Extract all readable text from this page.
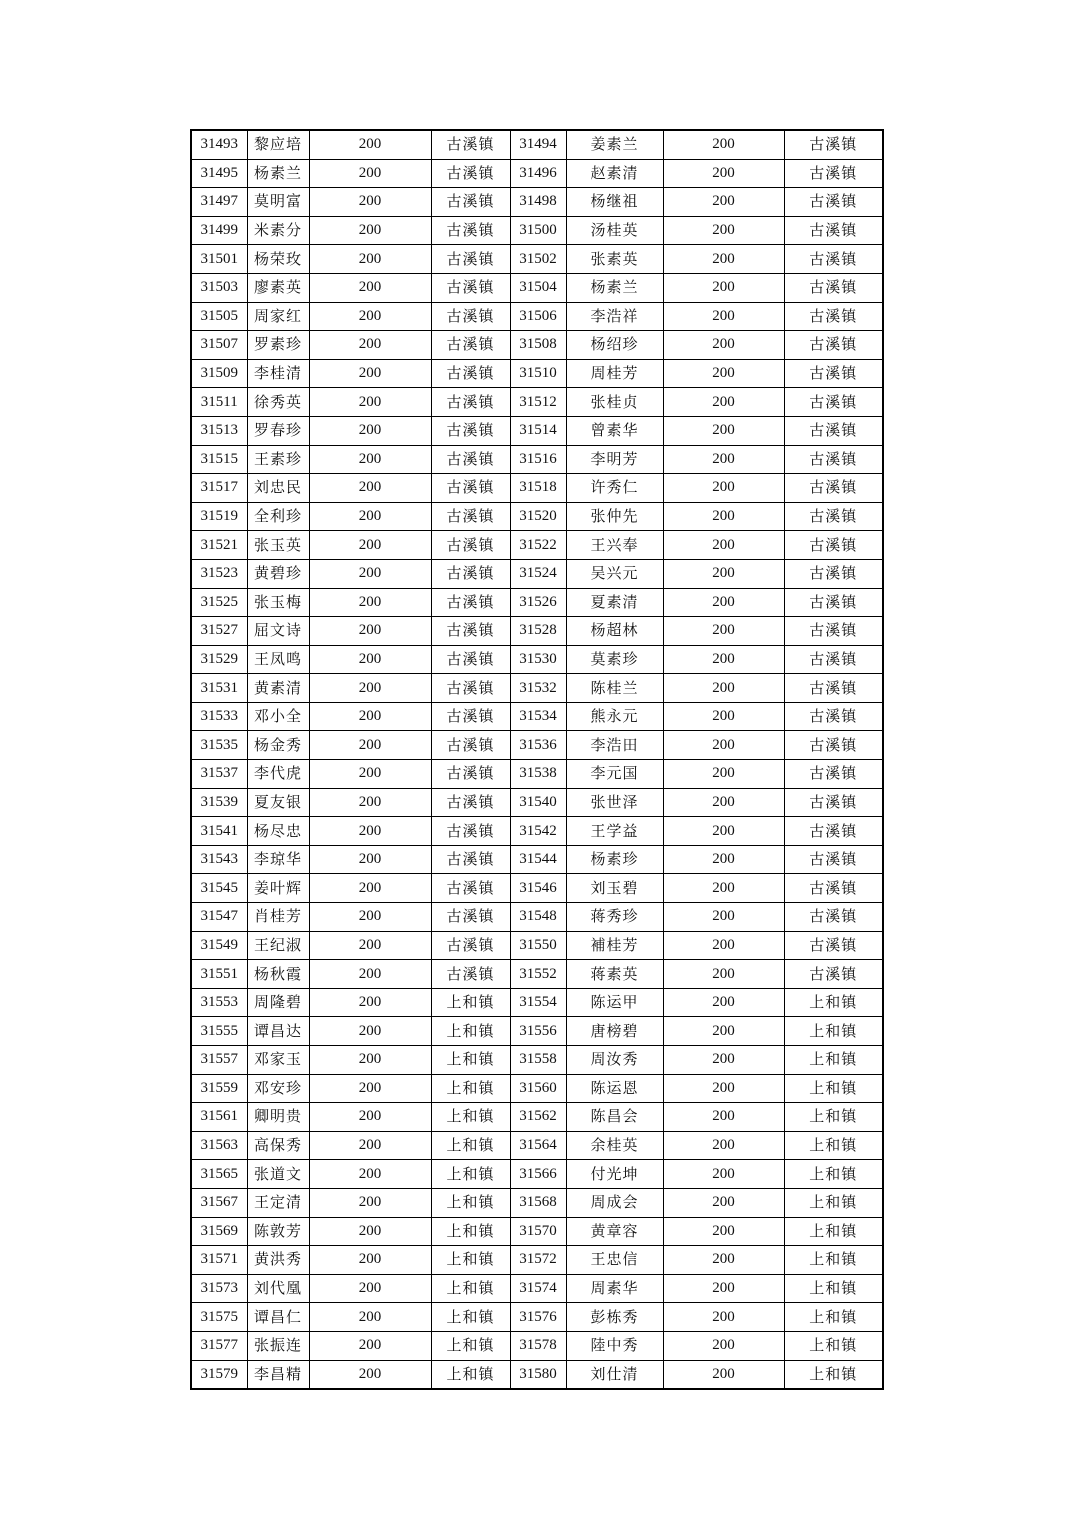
31493	黎应培	200	古溪镇	31494	姜素兰	200	古溪镇
31495	杨素兰	200	古溪镇	31496	赵素清	200	古溪镇
31497	莫明富	200	古溪镇	31498	杨继祖	200	古溪镇
31499	米素分	200	古溪镇	31500	汤桂英	200	古溪镇
31501	杨荣玫	200	古溪镇	31502	张素英	200	古溪镇
31503	廖素英	200	古溪镇	31504	杨素兰	200	古溪镇
31505	周家红	200	古溪镇	31506	李浩祥	200	古溪镇
31507	罗素珍	200	古溪镇	31508	杨绍珍	200	古溪镇
31509	李桂清	200	古溪镇	31510	周桂芳	200	古溪镇
31511	徐秀英	200	古溪镇	31512	张桂贞	200	古溪镇
31513	罗春珍	200	古溪镇	31514	曾素华	200	古溪镇
31515	王素珍	200	古溪镇	31516	李明芳	200	古溪镇
31517	刘忠民	200	古溪镇	31518	许秀仁	200	古溪镇
31519	全利珍	200	古溪镇	31520	张仲先	200	古溪镇
31521	张玉英	200	古溪镇	31522	王兴奉	200	古溪镇
31523	黄碧珍	200	古溪镇	31524	吴兴元	200	古溪镇
31525	张玉梅	200	古溪镇	31526	夏素清	200	古溪镇
31527	屈文诗	200	古溪镇	31528	杨超林	200	古溪镇
31529	王凤鸣	200	古溪镇	31530	莫素珍	200	古溪镇
31531	黄素清	200	古溪镇	31532	陈桂兰	200	古溪镇
31533	邓小全	200	古溪镇	31534	熊永元	200	古溪镇
31535	杨金秀	200	古溪镇	31536	李浩田	200	古溪镇
31537	李代虎	200	古溪镇	31538	李元国	200	古溪镇
31539	夏友银	200	古溪镇	31540	张世泽	200	古溪镇
31541	杨尽忠	200	古溪镇	31542	王学益	200	古溪镇
31543	李琼华	200	古溪镇	31544	杨素珍	200	古溪镇
31545	姜叶辉	200	古溪镇	31546	刘玉碧	200	古溪镇
31547	肖桂芳	200	古溪镇	31548	蒋秀珍	200	古溪镇
31549	王纪淑	200	古溪镇	31550	補桂芳	200	古溪镇
31551	杨秋霞	200	古溪镇	31552	蒋素英	200	古溪镇
31553	周隆碧	200	上和镇	31554	陈运甲	200	上和镇
31555	谭昌达	200	上和镇	31556	唐榜碧	200	上和镇
31557	邓家玉	200	上和镇	31558	周汝秀	200	上和镇
31559	邓安珍	200	上和镇	31560	陈运恩	200	上和镇
31561	卿明贵	200	上和镇	31562	陈昌会	200	上和镇
31563	高保秀	200	上和镇	31564	余桂英	200	上和镇
31565	张道文	200	上和镇	31566	付光坤	200	上和镇
31567	王定清	200	上和镇	31568	周成会	200	上和镇
31569	陈敦芳	200	上和镇	31570	黄章容	200	上和镇
31571	黄洪秀	200	上和镇	31572	王忠信	200	上和镇
31573	刘代凰	200	上和镇	31574	周素华	200	上和镇
31575	谭昌仁	200	上和镇	31576	彭栋秀	200	上和镇
31577	张振连	200	上和镇	31578	陸中秀	200	上和镇
31579	李昌精	200	上和镇	31580	刘仕清	200	上和镇
